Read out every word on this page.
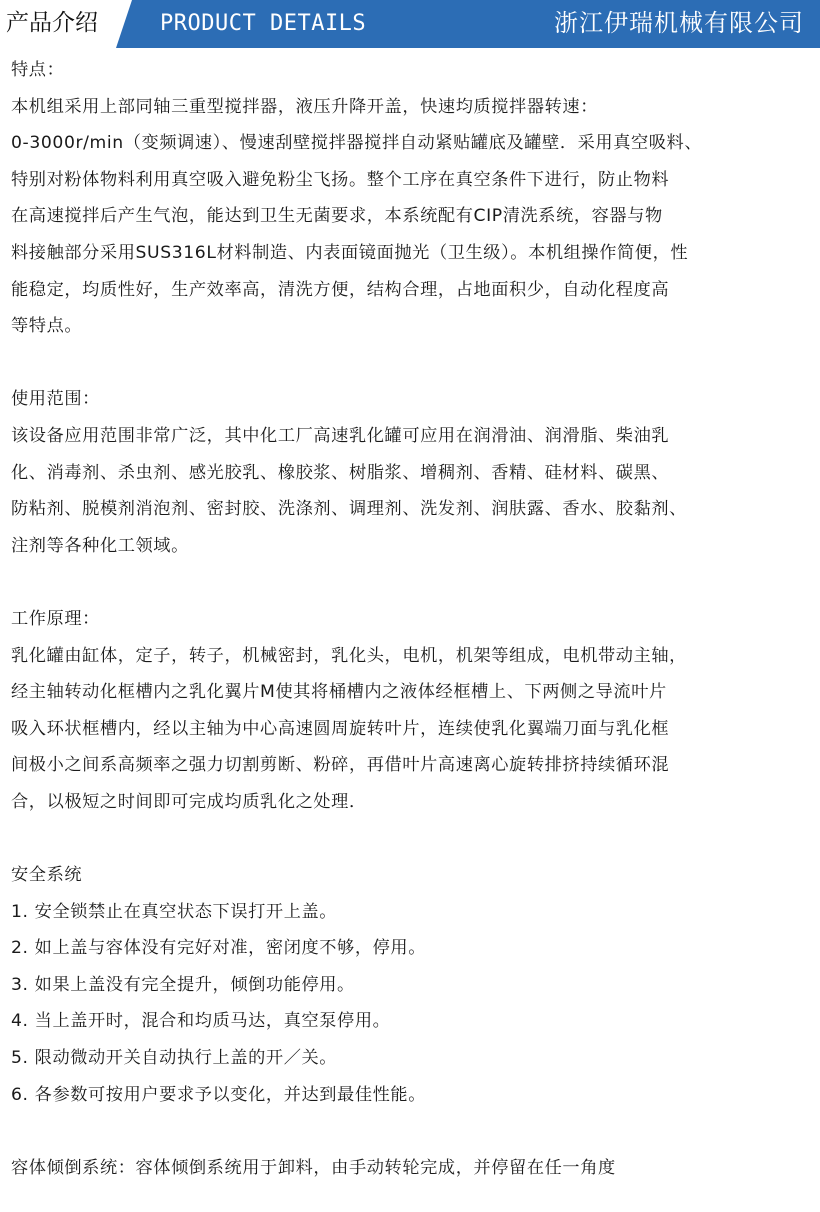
产品介绍	PRODUCT DETAILS	浙江伊瑞机械有限公司

特点：

本机组采用上部同轴三重型搅拌器，液压升降开盖，快速均质搅拌器转速：

0-3000r/min（变频调速）、慢速刮壁搅拌器搅拌自动紧贴罐底及罐壁．采用真空吸料、

特别对粉体物料利用真空吸入避免粉尘飞扬。整个工序在真空条件下进行，防止物料

在高速搅拌后产生气泡，能达到卫生无菌要求，本系统配有CIP清洗系统，容器与物

料接触部分采用SUS316L材料制造、内表面镜面抛光（卫生级）。本机组操作简便，性

能稳定，均质性好，生产效率高，清洗方便，结构合理，占地面积少，自动化程度高

等特点。

使用范围：

该设备应用范围非常广泛，其中化工厂高速乳化罐可应用在润滑油、润滑脂、柴油乳

化、消毒剂、杀虫剂、感光胶乳、橡胶浆、树脂浆、增稠剂、香精、硅材料、碳黑、

防粘剂、脱模剂消泡剂、密封胶、洗涤剂、调理剂、洗发剂、润肤露、香水、胶黏剂、

注剂等各种化工领域。

工作原理：

乳化罐由缸体，定子，转子，机械密封，乳化头，电机，机架等组成，电机带动主轴，

经主轴转动化框槽内之乳化翼片M使其将桶槽内之液体经框槽上、下两侧之导流叶片

吸入环状框槽内，经以主轴为中心高速圆周旋转叶片，连续使乳化翼端刀面与乳化框

间极小之间系高频率之强力切割剪断、粉碎，再借叶片高速离心旋转排挤持续循环混

合，以极短之时间即可完成均质乳化之处理．

安全系统

1. 安全锁禁止在真空状态下误打开上盖。

2. 如上盖与容体没有完好对准，密闭度不够，停用。

3. 如果上盖没有完全提升，倾倒功能停用。

4. 当上盖开时，混合和均质马达，真空泵停用。

5. 限动微动开关自动执行上盖的开／关。

6. 各参数可按用户要求予以变化，并达到最佳性能。

容体倾倒系统：容体倾倒系统用于卸料，由手动转轮完成，并停留在任一角度
